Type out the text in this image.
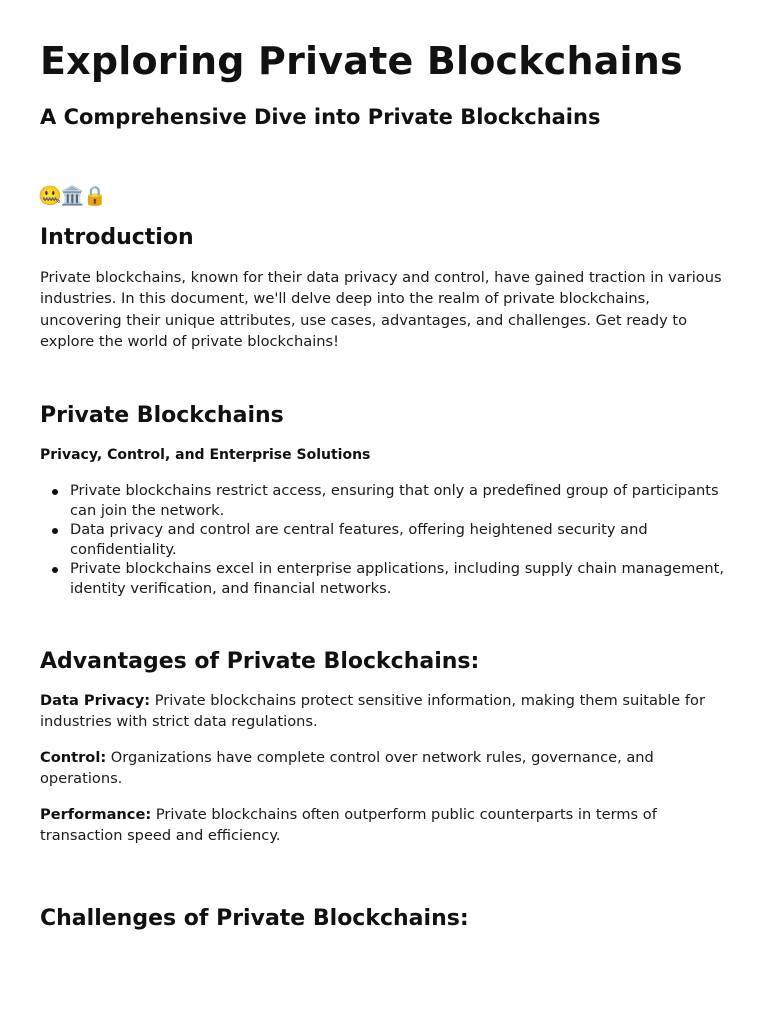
Exploring Private Blockchains
A Comprehensive Dive into Private Blockchains
🤐🏛️🔒
Introduction

Private blockchains, known for their data privacy and control, have gained traction in various industries. In this document, we'll delve deep into the realm of private blockchains, uncovering their unique attributes, use cases, advantages, and challenges. Get ready to explore the world of private blockchains!

Private Blockchains
Privacy, Control, and Enterprise Solutions
Private blockchains restrict access, ensuring that only a predefined group of participants can join the network.
Data privacy and control are central features, offering heightened security and confidentiality.
Private blockchains excel in enterprise applications, including supply chain management, identity verification, and financial networks.
Advantages of Private Blockchains:

Data Privacy: Private blockchains protect sensitive information, making them suitable for industries with strict data regulations.

Control: Organizations have complete control over network rules, governance, and operations.

Performance: Private blockchains often outperform public counterparts in terms of transaction speed and efficiency.

Challenges of Private Blockchains:
